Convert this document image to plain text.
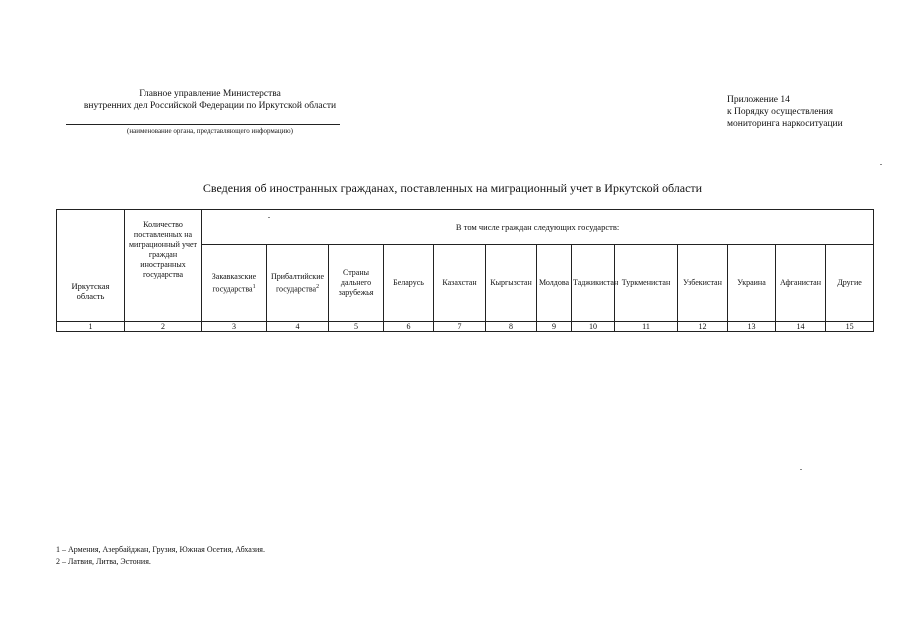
Главное управление Министерства
внутренних дел Российской Федерации по Иркутской области
(наименование органа, представляющего информацию)
Приложение 14
к Порядку осуществления
мониторинга наркоситуации
Сведения об иностранных гражданах, поставленных на миграционный учет в Иркутской области
Иркутская область	Количество поставленных на миграционный учет граждан иностранных государства	В том числе граждан следующих государств:												
		Закавказские государства$^1$	Прибалтийские государства$^2$	Страны дальнего зарубежья	Беларусь	Казахстан	Кыргызстан	Молдова	Таджикистан	Туркменистан	Узбекистан	Украина	Афганистан	Другие
1	2	3	4	5	6	7	8	9	10	11	12	13	14	15
1 – Армения, Азербайджан, Грузия, Южная Осетия, Абхазия.
2 – Латвия, Литва, Эстония.
